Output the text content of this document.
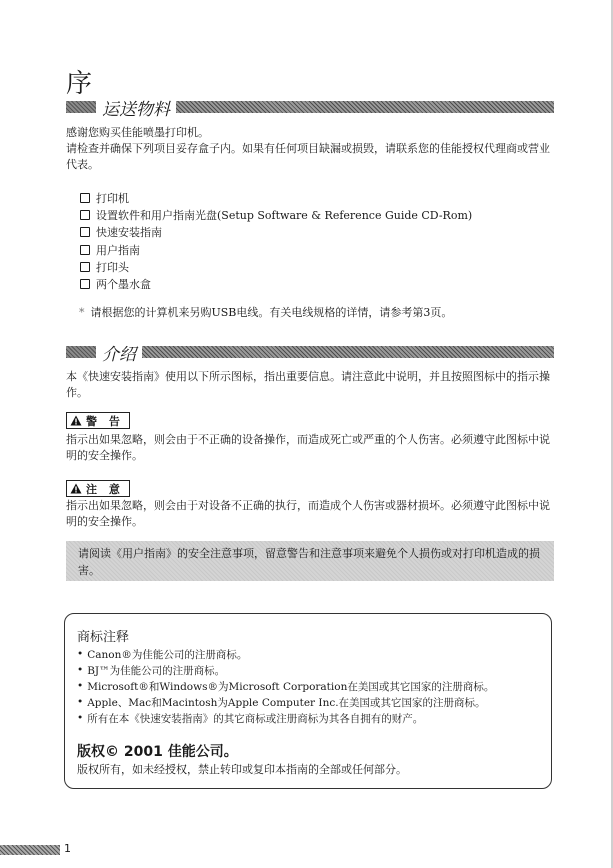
序
运送物料

感谢您购买佳能喷墨打印机。

请检查并确保下列项目妥存盒子内。如果有任何项目缺漏或损毁，请联系您的佳能授权代理商或营业代表。

打印机
设置软件和用户指南光盘(Setup Software & Reference Guide CD-Rom)
快速安装指南
用户指南
打印头
两个墨水盒
* 请根据您的计算机来另购USB电线。有关电线规格的详情，请参考第3页。
介绍

本《快速安装指南》使用以下所示图标，指出重要信息。请注意此中说明，并且按照图标中的指示操作。

警 告

指示出如果忽略，则会由于不正确的设备操作，而造成死亡或严重的个人伤害。必须遵守此图标中说明的安全操作。

注 意

指示出如果忽略，则会由于对设备不正确的执行，而造成个人伤害或器材损坏。必须遵守此图标中说明的安全操作。

请阅读《用户指南》的安全注意事项，留意警告和注意事项来避免个人损伤或对打印机造成的损害。
商标注释
• Canon®为佳能公司的注册商标。
• BJ™为佳能公司的注册商标。
• Microsoft®和Windows®为Microsoft Corporation在美国或其它国家的注册商标。
• Apple、Mac和Macintosh为Apple Computer Inc.在美国或其它国家的注册商标。
• 所有在本《快速安装指南》的其它商标或注册商标为其各自拥有的财产。
版权© 2001 佳能公司。
版权所有，如未经授权，禁止转印或复印本指南的全部或任何部分。
1
